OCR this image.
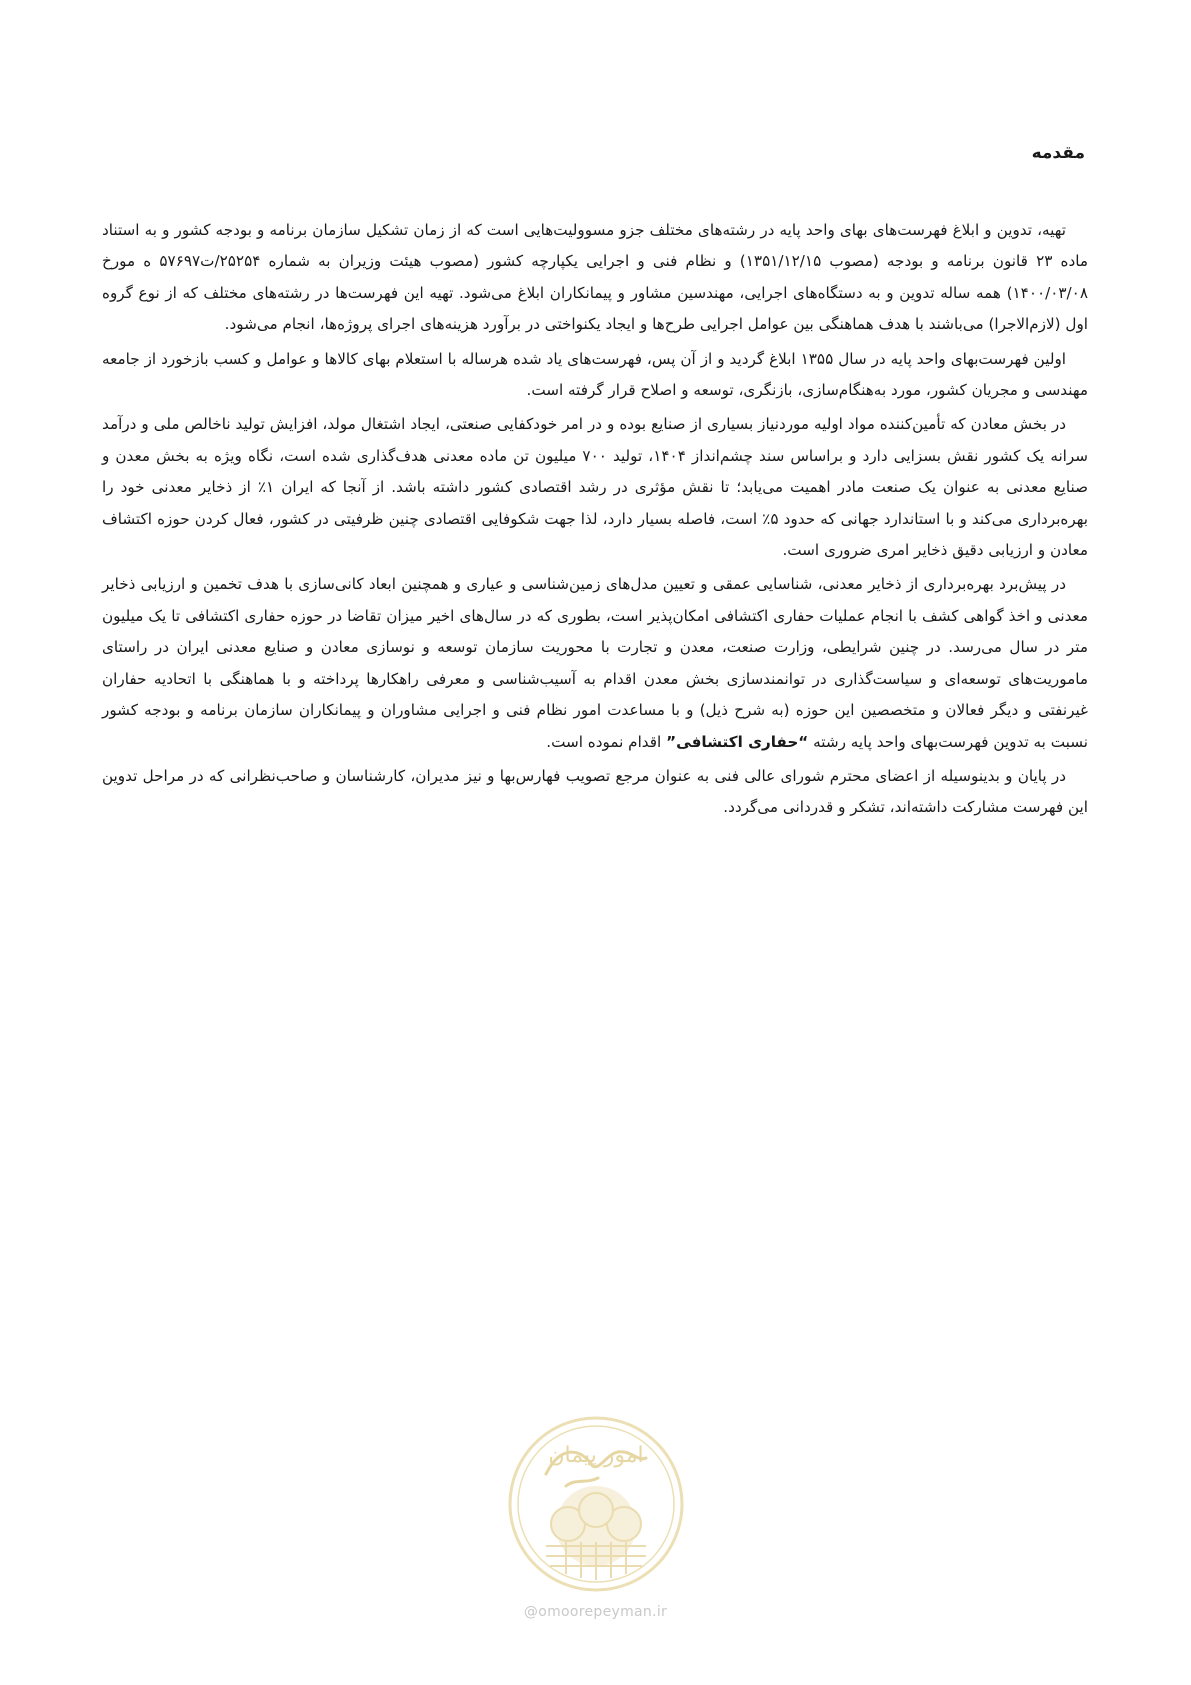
مقدمه

تهیه، تدوین و ابلاغ فهرست‌های بهای واحد پایه در رشته‌های مختلف جزو مسوولیت‌هایی است که از زمان تشکیل سازمان برنامه و بودجه کشور و به استناد ماده ۲۳ قانون برنامه و بودجه (مصوب ۱۳۵۱/۱۲/۱۵) و نظام فنی و اجرایی یکپارچه کشور (مصوب هیئت وزیران به شماره ۲۵۲۵۴/ت۵۷۶۹۷ ه مورخ ۱۴۰۰/۰۳/۰۸) همه ساله تدوین و به دستگاه‌های اجرایی، مهندسین مشاور و پیمانکاران ابلاغ می‌شود. تهیه این فهرست‌ها در رشته‌های مختلف که از نوع گروه اول (لازم‌الاجرا) می‌باشند با هدف هماهنگی بین عوامل اجرایی طرح‌ها و ایجاد یکنواختی در برآورد هزینه‌های اجرای پروژه‌ها، انجام می‌شود.

اولین فهرست‌بهای واحد پایه در سال ۱۳۵۵ ابلاغ گردید و از آن پس، فهرست‌های یاد شده هرساله با استعلام بهای کالاها و عوامل و کسب بازخورد از جامعه مهندسی و مجریان کشور، مورد به‌هنگام‌سازی، بازنگری، توسعه و اصلاح قرار گرفته است.

در بخش معادن که تأمین‌کننده مواد اولیه موردنیاز بسیاری از صنایع بوده و در امر خودکفایی صنعتی، ایجاد اشتغال مولد، افزایش تولید ناخالص ملی و درآمد سرانه یک کشور نقش بسزایی دارد و براساس سند چشم‌انداز ۱۴۰۴، تولید ۷۰۰ میلیون تن ماده معدنی هدف‌گذاری شده است، نگاه ویژه به بخش معدن و صنایع معدنی به عنوان یک صنعت مادر اهمیت می‌یابد؛ تا نقش مؤثری در رشد اقتصادی کشور داشته باشد. از آنجا که ایران ۱٪ از ذخایر معدنی خود را بهره‌برداری می‌کند و با استاندارد جهانی که حدود ۵٪ است، فاصله بسیار دارد، لذا جهت شکوفایی اقتصادی چنین ظرفیتی در کشور، فعال کردن حوزه اکتشاف معادن و ارزیابی دقیق ذخایر امری ضروری است.

در پیش‌برد بهره‌برداری از ذخایر معدنی، شناسایی عمقی و تعیین مدل‌های زمین‌شناسی و عیاری و همچنین ابعاد کانی‌سازی با هدف تخمین و ارزیابی ذخایر معدنی و اخذ گواهی کشف با انجام عملیات حفاری اکتشافی امکان‌پذیر است، بطوری که در سال‌های اخیر میزان تقاضا در حوزه حفاری اکتشافی تا یک میلیون متر در سال می‌رسد. در چنین شرایطی، وزارت صنعت، معدن و تجارت با محوریت سازمان توسعه و نوسازی معادن و صنایع معدنی ایران در راستای ماموریت‌های توسعه‌ای و سیاست‌گذاری در توانمندسازی بخش معدن اقدام به آسیب‌شناسی و معرفی راهکارها پرداخته و با هماهنگی با اتحادیه حفاران غیرنفتی و دیگر فعالان و متخصصین این حوزه (به شرح ذیل) و با مساعدت امور نظام فنی و اجرایی مشاوران و پیمانکاران سازمان برنامه و بودجه کشور نسبت به تدوین فهرست‌بهای واحد پایه رشته “حفاری اکتشافی” اقدام نموده است.

در پایان و بدینوسیله از اعضای محترم شورای عالی فنی به عنوان مرجع تصویب فهارس‌بها و نیز مدیران، کارشناسان و صاحب‌نظرانی که در مراحل تدوین این فهرست مشارکت داشته‌اند، تشکر و قدردانی می‌گردد.

امور پیمان
@omoorepeyman.ir
